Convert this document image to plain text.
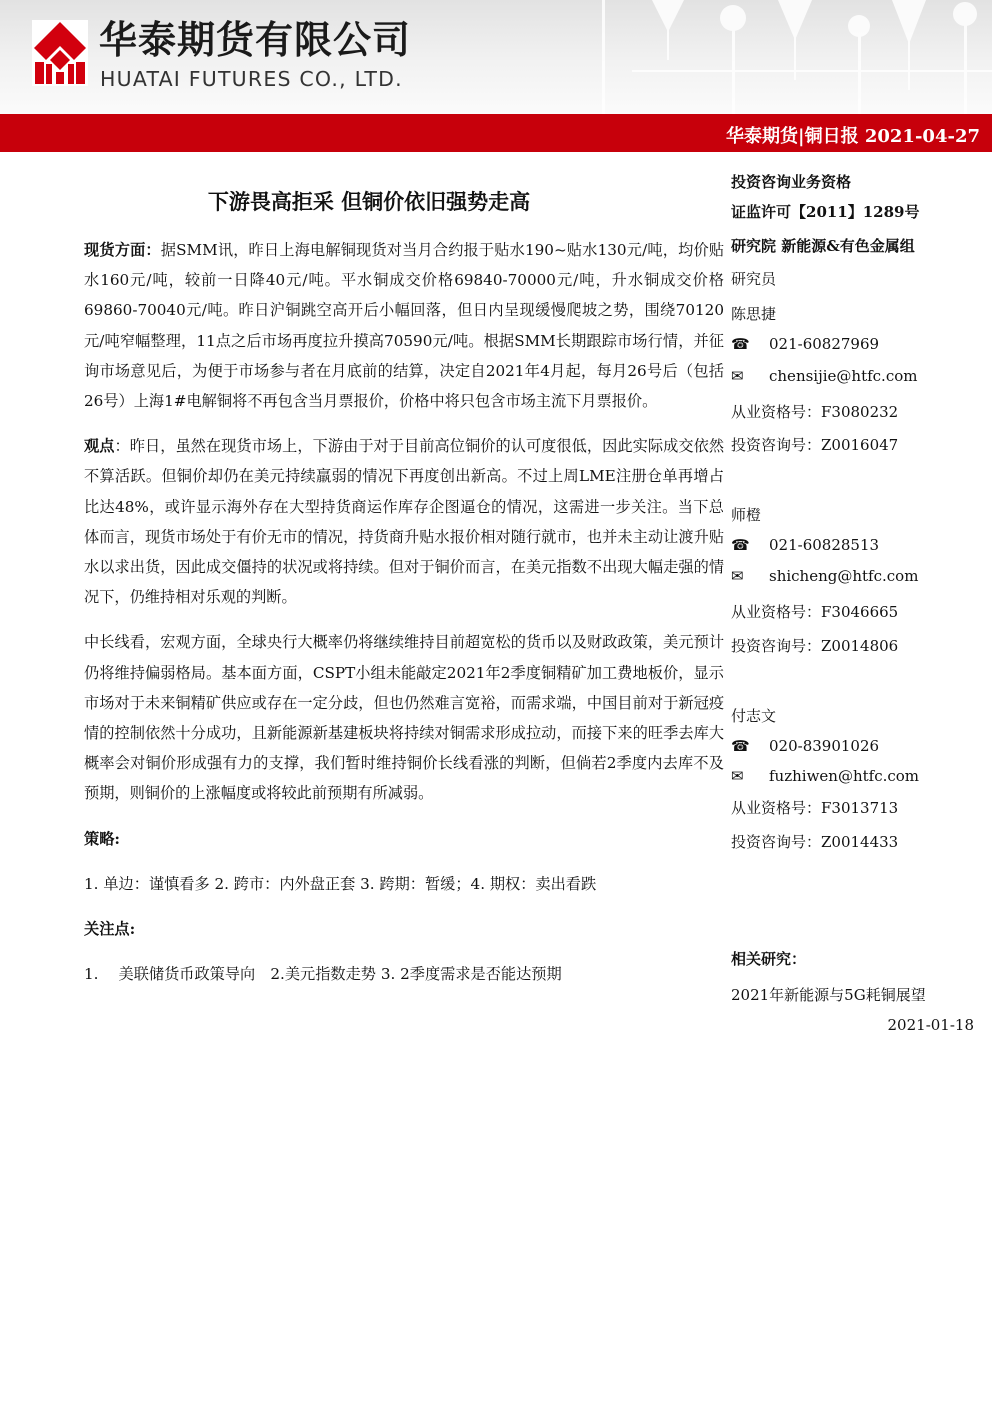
华泰期货有限公司
HUATAI FUTURES CO., LTD.
华泰期货|铜日报 2021-04-27
下游畏高拒采 但铜价依旧强势走高

现货方面：据SMM讯，昨日上海电解铜现货对当月合约报于贴水190~贴水130元/吨，均价贴水160元/吨，较前一日降40元/吨。平水铜成交价格69840-70000元/吨，升水铜成交价格69860-70040元/吨。昨日沪铜跳空高开后小幅回落，但日内呈现缓慢爬坡之势，围绕70120元/吨窄幅整理，11点之后市场再度拉升摸高70590元/吨。根据SMM长期跟踪市场行情，并征询市场意见后，为便于市场参与者在月底前的结算，决定自2021年4月起，每月26号后（包括26号）上海1#电解铜将不再包含当月票报价，价格中将只包含市场主流下月票报价。

观点：昨日，虽然在现货市场上，下游由于对于目前高位铜价的认可度很低，因此实际成交依然不算活跃。但铜价却仍在美元持续羸弱的情况下再度创出新高。不过上周LME注册仓单再增占比达48%，或许显示海外存在大型持货商运作库存企图逼仓的情况，这需进一步关注。当下总体而言，现货市场处于有价无市的情况，持货商升贴水报价相对随行就市，也并未主动让渡升贴水以求出货，因此成交僵持的状况或将持续。但对于铜价而言，在美元指数不出现大幅走强的情况下，仍维持相对乐观的判断。

中长线看，宏观方面，全球央行大概率仍将继续维持目前超宽松的货币以及财政政策，美元预计仍将维持偏弱格局。基本面方面，CSPT小组未能敲定2021年2季度铜精矿加工费地板价，显示市场对于未来铜精矿供应或存在一定分歧，但也仍然难言宽裕，而需求端，中国目前对于新冠疫情的控制依然十分成功，且新能源新基建板块将持续对铜需求形成拉动，而接下来的旺季去库大概率会对铜价形成强有力的支撑，我们暂时维持铜价长线看涨的判断，但倘若2季度内去库不及预期，则铜价的上涨幅度或将较此前预期有所减弱。

策略:

1. 单边：谨慎看多 2. 跨市：内外盘正套 3. 跨期：暂缓；4. 期权：卖出看跌

关注点:

1.　 美联储货币政策导向　2.美元指数走势 3. 2季度需求是否能达预期

投资咨询业务资格
证监许可【2011】1289号
研究院 新能源&有色金属组
研究员
陈思捷
☎ 021-60827969
✉ chensijie@htfc.com
从业资格号：F3080232
投资咨询号：Z0016047
师橙
☎ 021-60828513
✉ shicheng@htfc.com
从业资格号：F3046665
投资咨询号：Z0014806
付志文
☎ 020-83901026
✉ fuzhiwen@htfc.com
从业资格号：F3013713
投资咨询号：Z0014433
相关研究：
2021年新能源与5G耗铜展望
2021-01-18
